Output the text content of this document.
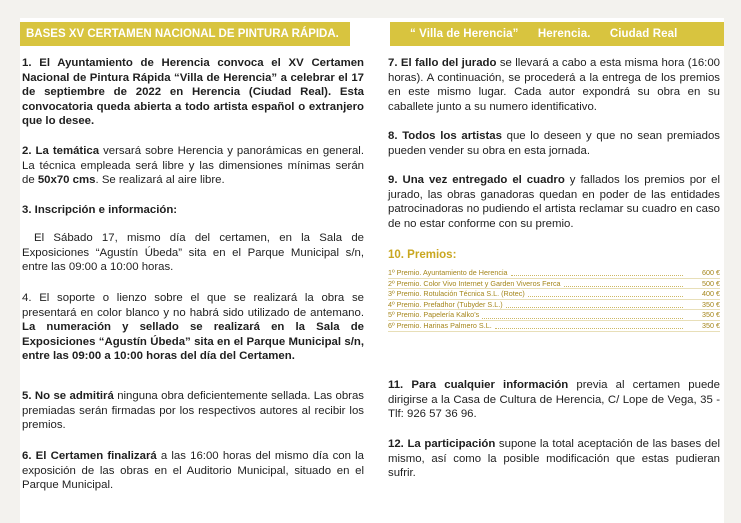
BASES XV CERTAMEN NACIONAL DE PINTURA RÁPIDA.	“ Villa de Herencia” Herencia. Ciudad Real

1. El Ayuntamiento de Herencia convoca el XV Certamen Nacional de Pintura Rápida “Villa de Herencia” a celebrar el 17 de septiembre de 2022 en Herencia (Ciudad Real). Esta convocatoria queda abierta a todo artista español o extranjero que lo desee.

2. La temática versará sobre Herencia y panorámicas en general. La técnica empleada será libre y las dimensiones mínimas serán de 50x70 cms. Se realizará al aire libre.

3. Inscripción e información:

El Sábado 17, mismo día del certamen, en la Sala de Exposiciones “Agustín Úbeda” sita en el Parque Municipal s/n, entre las 09:00 a 10:00 horas.

4. El soporte o lienzo sobre el que se realizará la obra se presentará en color blanco y no habrá sido utilizado de antemano. La numeración y sellado se realizará en la Sala de Exposiciones “Agustín Úbeda” sita en el Parque Municipal s/n, entre las 09:00 a 10:00 horas del día del Certamen.

5. No se admitirá ninguna obra deficientemente sellada. Las obras premiadas serán firmadas por los respectivos autores al recibir los premios.

6. El Certamen finalizará a las 16:00 horas del mismo día con la exposición de las obras en el Auditorio Municipal, situado en el Parque Municipal.

7. El fallo del jurado se llevará a cabo a esta misma hora (16:00 horas). A continuación, se procederá a la entrega de los premios en este mismo lugar. Cada autor expondrá su obra en su caballete junto a su numero identificativo.

8. Todos los artistas que lo deseen y que no sean premiados pueden vender su obra en esta jornada.

9. Una vez entregado el cuadro y fallados los premios por el jurado, las obras ganadoras quedan en poder de las entidades patrocinadoras no pudiendo el artista reclamar su cuadro en caso de no estar conforme con su premio.

10. Premios:

1º Premio. Ayuntamiento de Herencia	600 €
2º Premio. Color Vivo Internet y Garden Viveros Ferca	500 €
3º Premio. Rotulación Técnica S.L. (Rotec)	400 €
4º Premio. Prefadhor (Tubyder S.L.)	350 €
5º Premio. Papelería Kalko’s	350 €
6º Premio. Harinas Palmero S.L.	350 €

11. Para cualquier información previa al certamen puede dirigirse a la Casa de Cultura de Herencia, C/ Lope de Vega, 35 - Tlf: 926 57 36 96.

12. La participación supone la total aceptación de las bases del mismo, así como la posible modificación que estas pudieran sufrir.
